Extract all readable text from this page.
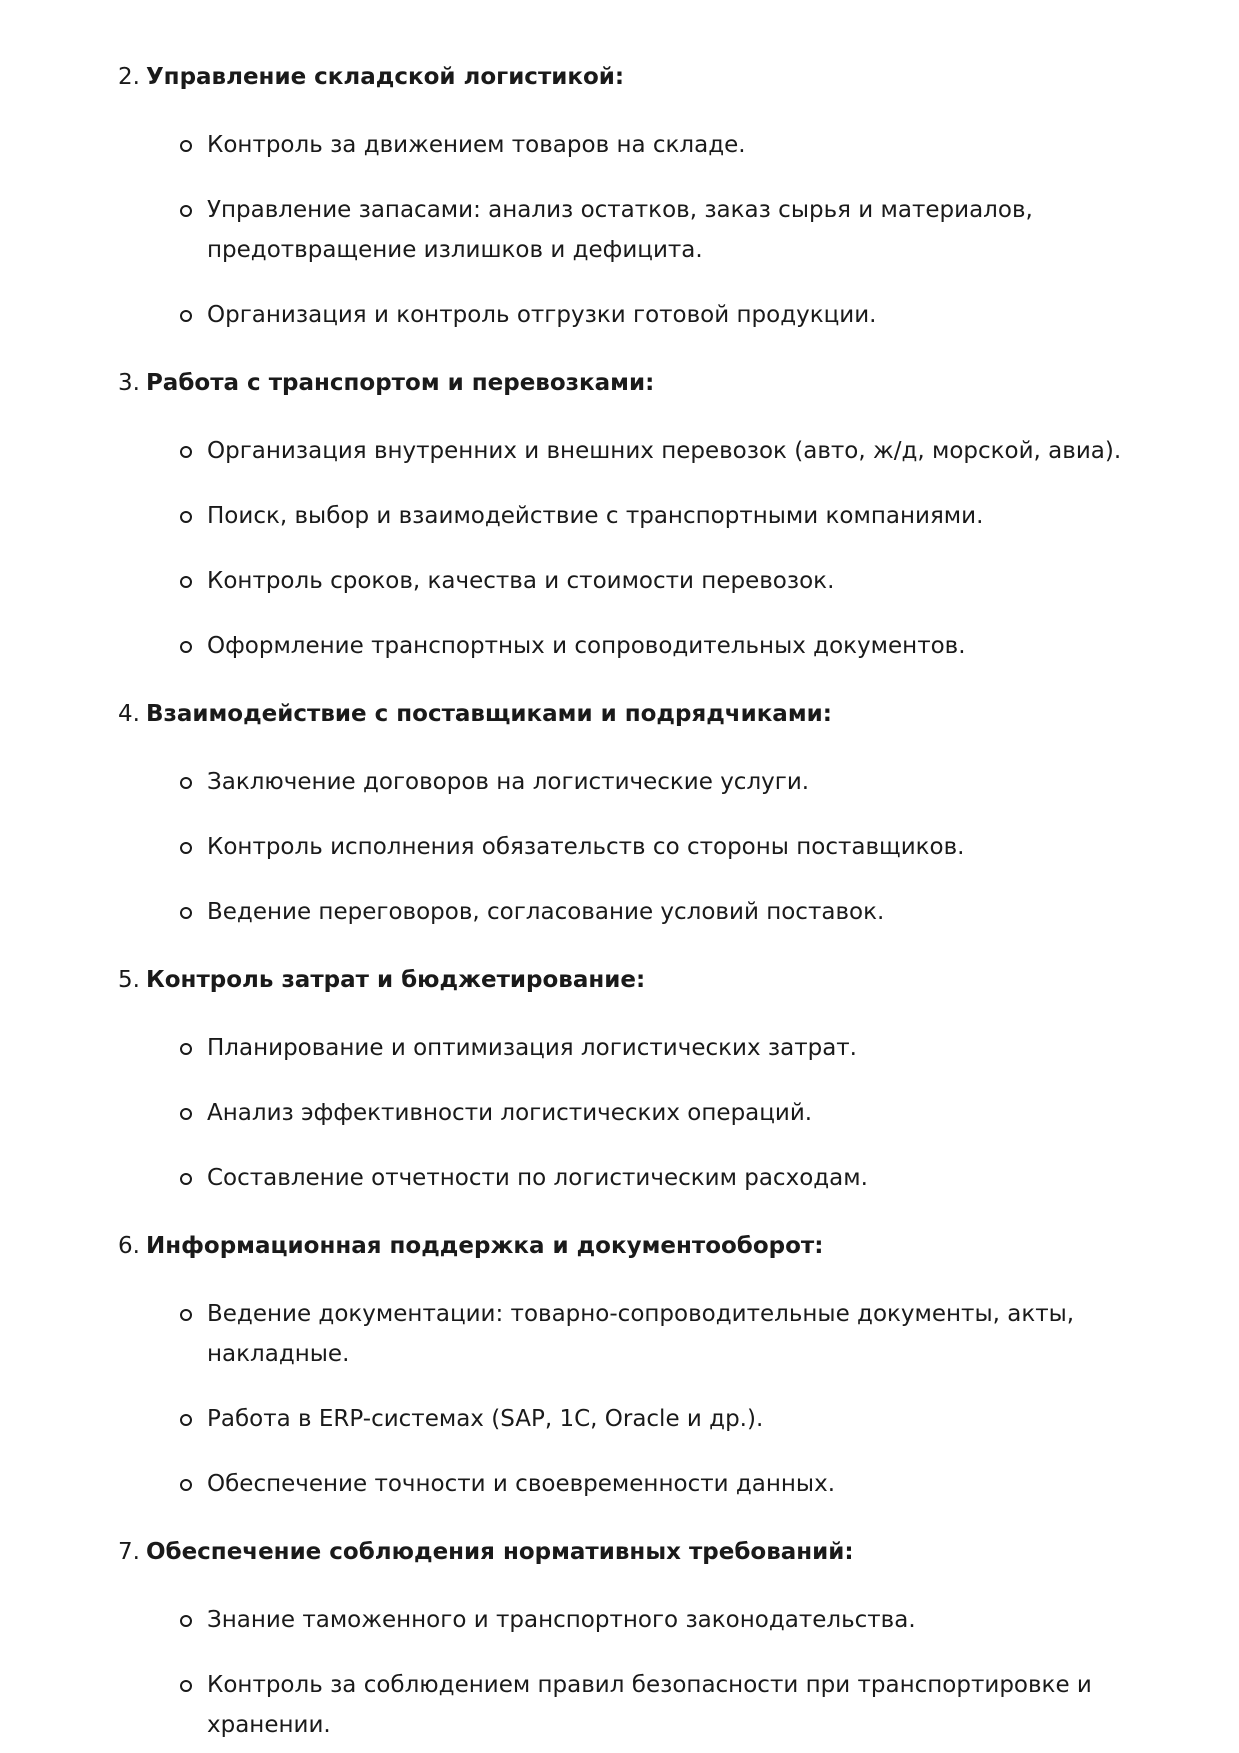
2. Управление складской логистикой:
Контроль за движением товаров на складе.
Управление запасами: анализ остатков, заказ сырья и материалов, предотвращение излишков и дефицита.
Организация и контроль отгрузки готовой продукции.
3. Работа с транспортом и перевозками:
Организация внутренних и внешних перевозок (авто, ж/д, морской, авиа).
Поиск, выбор и взаимодействие с транспортными компаниями.
Контроль сроков, качества и стоимости перевозок.
Оформление транспортных и сопроводительных документов.
4. Взаимодействие с поставщиками и подрядчиками:
Заключение договоров на логистические услуги.
Контроль исполнения обязательств со стороны поставщиков.
Ведение переговоров, согласование условий поставок.
5. Контроль затрат и бюджетирование:
Планирование и оптимизация логистических затрат.
Анализ эффективности логистических операций.
Составление отчетности по логистическим расходам.
6. Информационная поддержка и документооборот:
Ведение документации: товарно-сопроводительные документы, акты, накладные.
Работа в ERP-системах (SAP, 1С, Oracle и др.).
Обеспечение точности и своевременности данных.
7. Обеспечение соблюдения нормативных требований:
Знание таможенного и транспортного законодательства.
Контроль за соблюдением правил безопасности при транспортировке и хранении.
